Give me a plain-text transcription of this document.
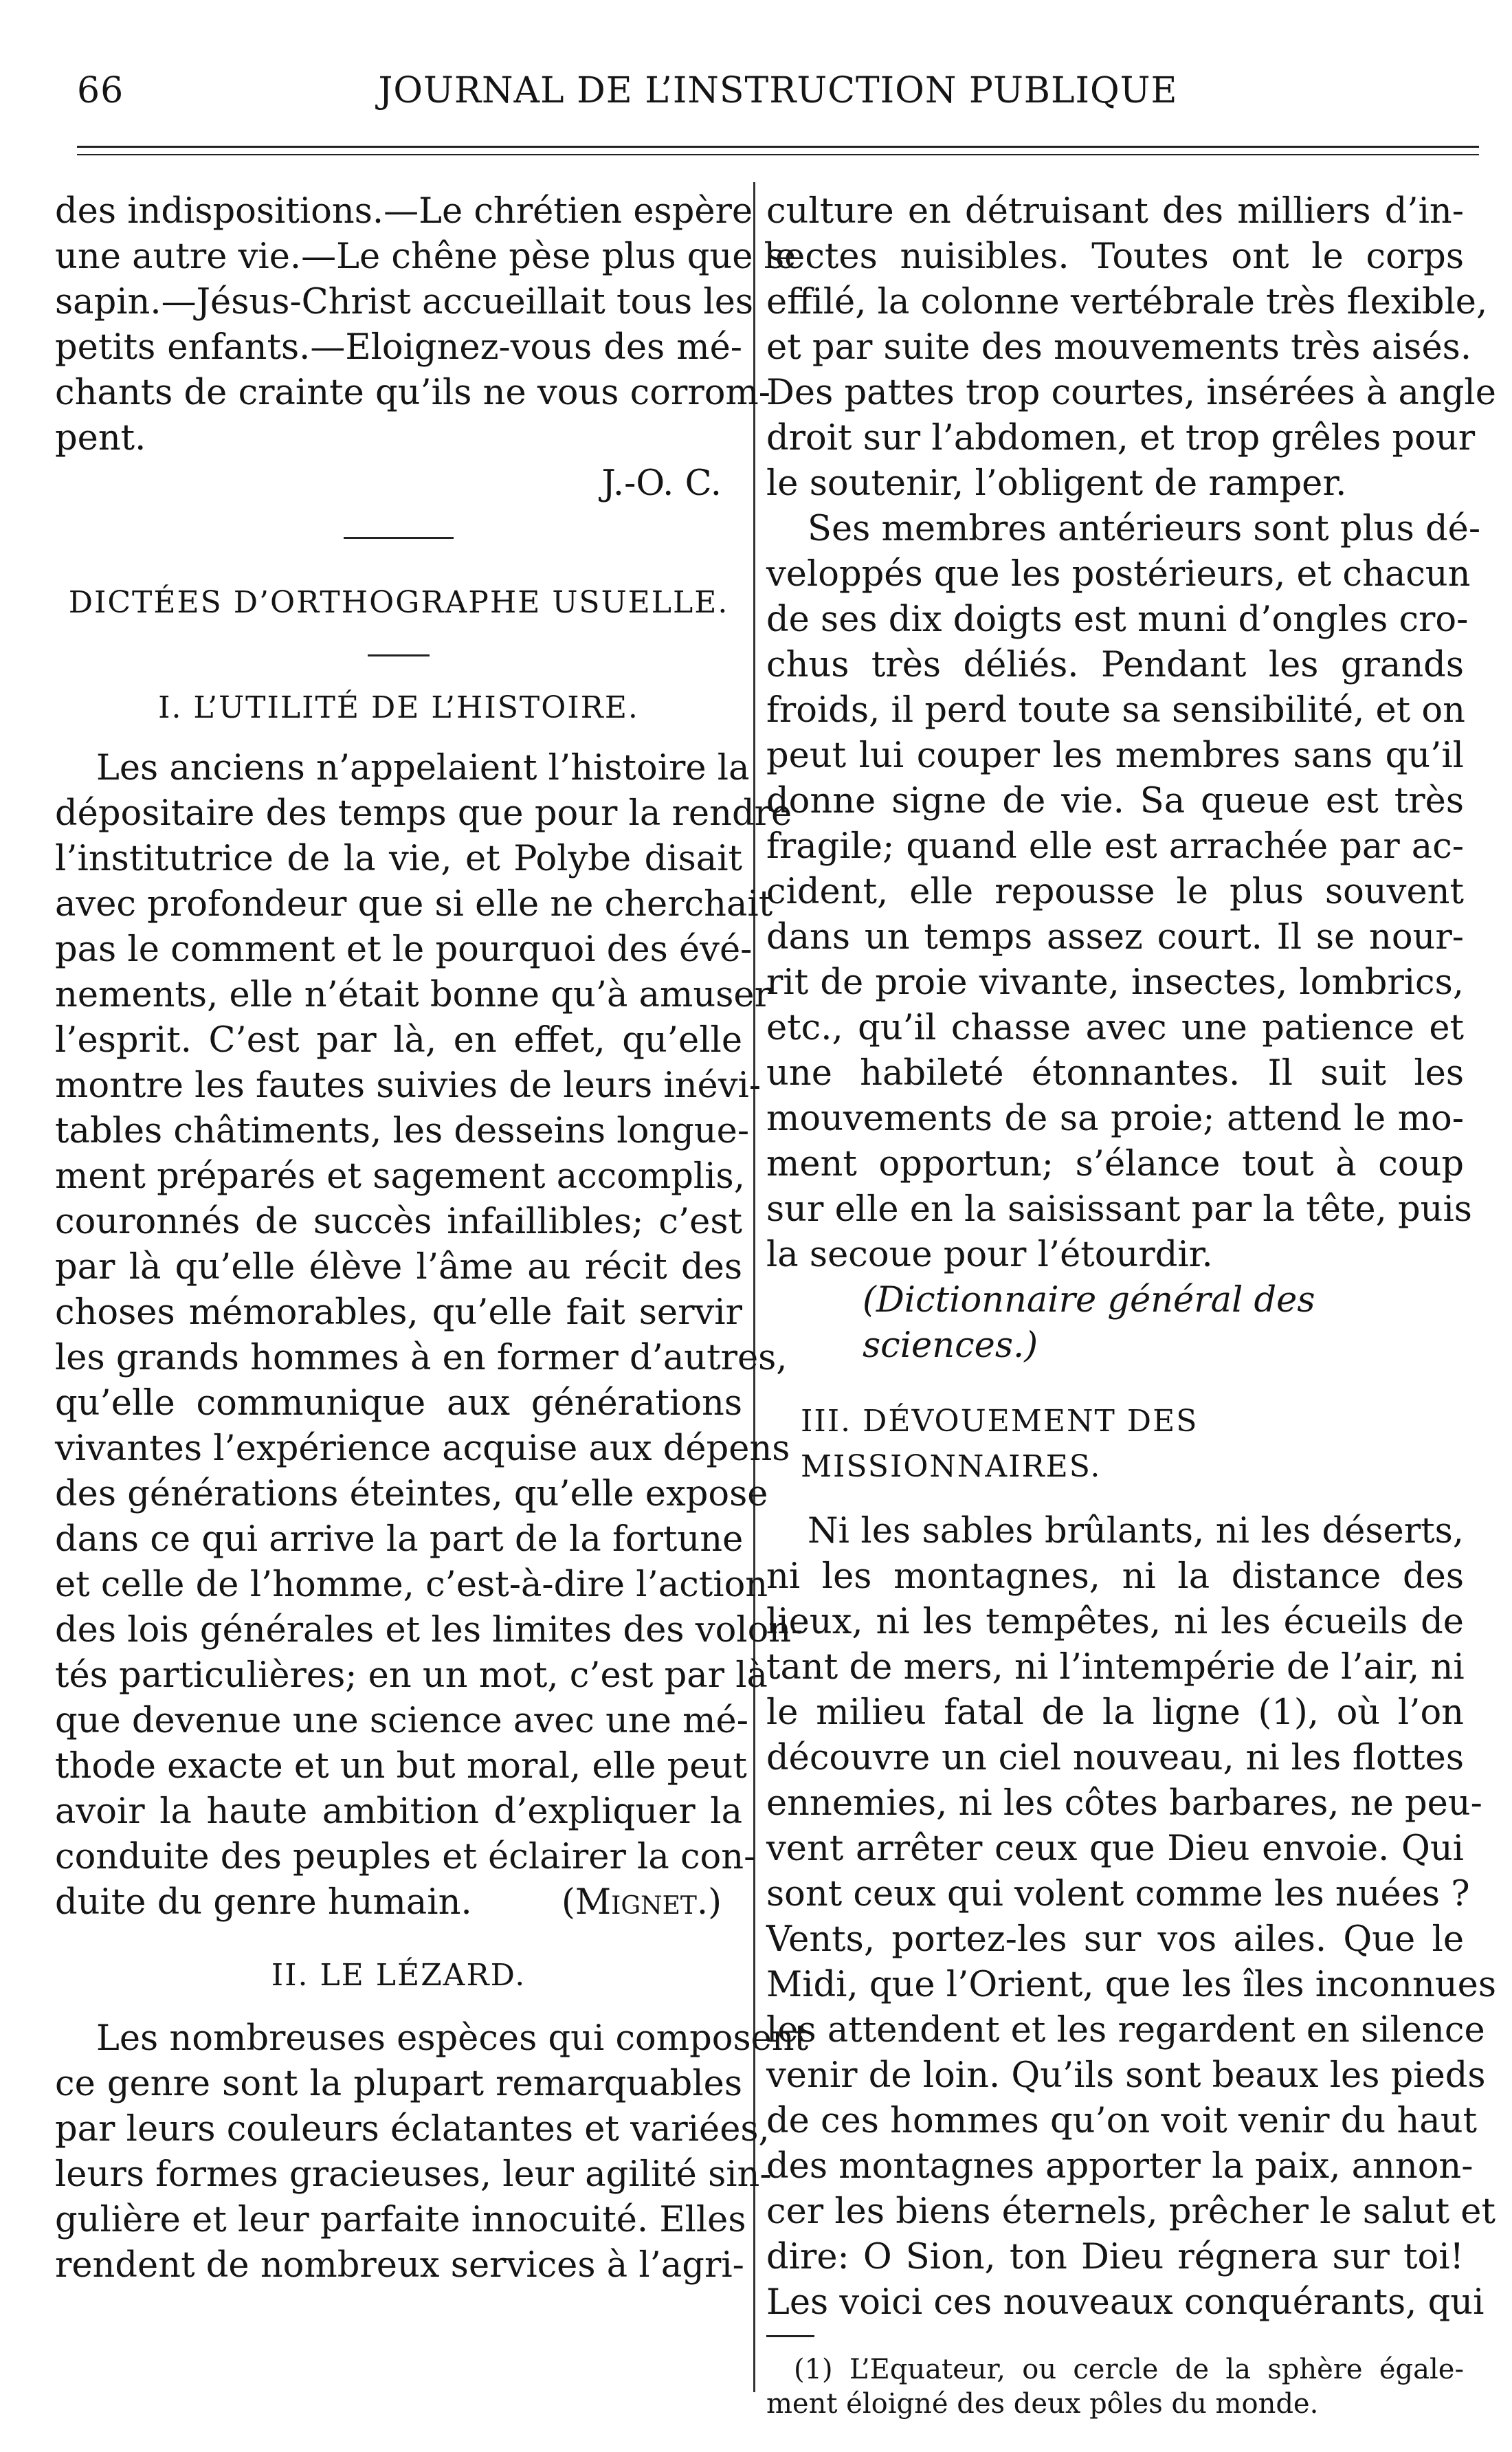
66	JOURNAL DE L’INSTRUCTION PUBLIQUE
des indispositions.—Le chrétien espère
une autre vie.—Le chêne pèse plus que le
sapin.—Jésus-Christ accueillait tous les
petits enfants.—Eloignez-vous des mé-
chants de crainte qu’ils ne vous corrom-
pent.
J.-O. C.
DICTÉES D’ORTHOGRAPHE USUELLE.
I. L’UTILITÉ DE L’HISTOIRE.
Les anciens n’appelaient l’histoire la
dépositaire des temps que pour la rendre
l’institutrice de la vie, et Polybe disait
avec profondeur que si elle ne cherchait
pas le comment et le pourquoi des évé-
nements, elle n’était bonne qu’à amuser
l’esprit. C’est par là, en effet, qu’elle
montre les fautes suivies de leurs inévi-
tables châtiments, les desseins longue-
ment préparés et sagement accomplis,
couronnés de succès infaillibles; c’est
par là qu’elle élève l’âme au récit des
choses mémorables, qu’elle fait servir
les grands hommes à en former d’autres,
qu’elle communique aux générations
vivantes l’expérience acquise aux dépens
des générations éteintes, qu’elle expose
dans ce qui arrive la part de la fortune
et celle de l’homme, c’est-à-dire l’action
des lois générales et les limites des volon-
tés particulières; en un mot, c’est par là
que devenue une science avec une mé-
thode exacte et un but moral, elle peut
avoir la haute ambition d’expliquer la
conduite des peuples et éclairer la con-
duite du genre humain.	(Mignet.)
II. LE LÉZARD.
Les nombreuses espèces qui composent
ce genre sont la plupart remarquables
par leurs couleurs éclatantes et variées,
leurs formes gracieuses, leur agilité sin-
gulière et leur parfaite innocuité. Elles
rendent de nombreux services à l’agri-
culture en détruisant des milliers d’in-
sectes nuisibles. Toutes ont le corps
effilé, la colonne vertébrale très flexible,
et par suite des mouvements très aisés.
Des pattes trop courtes, insérées à angle
droit sur l’abdomen, et trop grêles pour
le soutenir, l’obligent de ramper.
Ses membres antérieurs sont plus dé-
veloppés que les postérieurs, et chacun
de ses dix doigts est muni d’ongles cro-
chus très déliés. Pendant les grands
froids, il perd toute sa sensibilité, et on
peut lui couper les membres sans qu’il
donne signe de vie. Sa queue est très
fragile; quand elle est arrachée par ac-
cident, elle repousse le plus souvent
dans un temps assez court. Il se nour-
rit de proie vivante, insectes, lombrics,
etc., qu’il chasse avec une patience et
une habileté étonnantes. Il suit les
mouvements de sa proie; attend le mo-
ment opportun; s’élance tout à coup
sur elle en la saisissant par la tête, puis
la secoue pour l’étourdir.
(Dictionnaire général des sciences.)
III. DÉVOUEMENT DES MISSIONNAIRES.
Ni les sables brûlants, ni les déserts,
ni les montagnes, ni la distance des
lieux, ni les tempêtes, ni les écueils de
tant de mers, ni l’intempérie de l’air, ni
le milieu fatal de la ligne (1), où l’on
découvre un ciel nouveau, ni les flottes
ennemies, ni les côtes barbares, ne peu-
vent arrêter ceux que Dieu envoie. Qui
sont ceux qui volent comme les nuées ?
Vents, portez-les sur vos ailes. Que le
Midi, que l’Orient, que les îles inconnues
les attendent et les regardent en silence
venir de loin. Qu’ils sont beaux les pieds
de ces hommes qu’on voit venir du haut
des montagnes apporter la paix, annon-
cer les biens éternels, prêcher le salut et
dire: O Sion, ton Dieu régnera sur toi!
Les voici ces nouveaux conquérants, qui
(1) L’Equateur, ou cercle de la sphère égale-
ment éloigné des deux pôles du monde.
